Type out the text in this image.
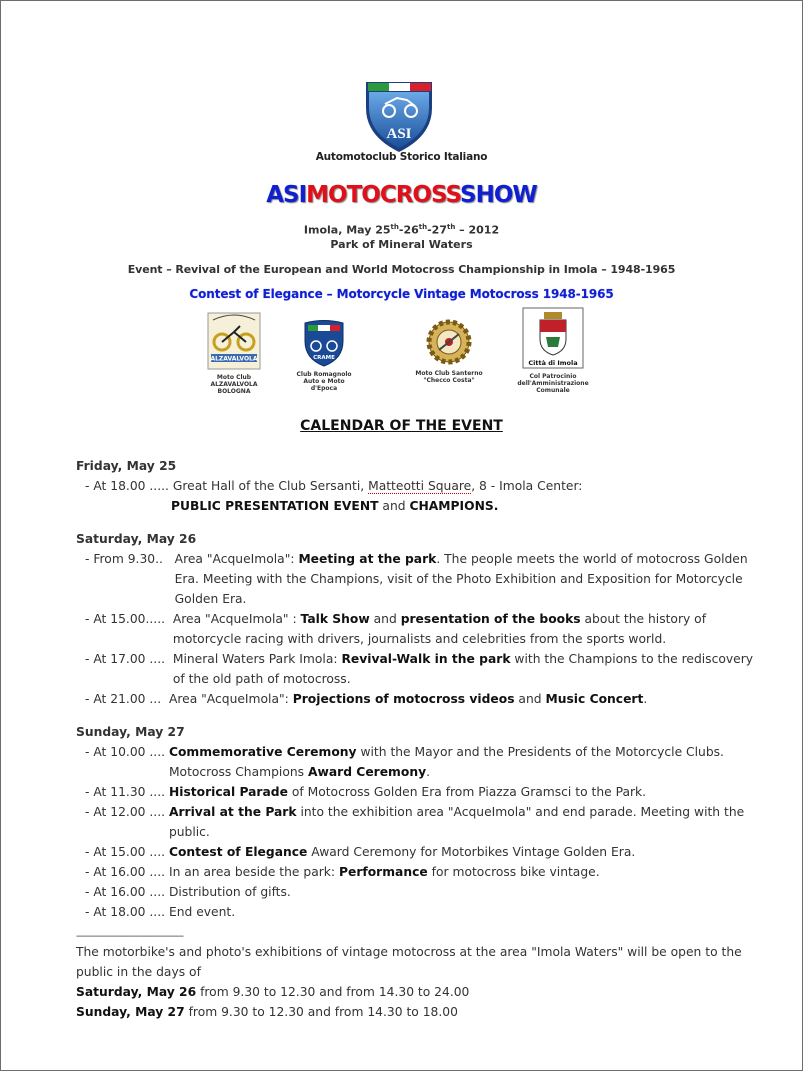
ASI
Automotoclub Storico Italiano
ASIMOTOCROSSSHOW
Imola, May 25th-26th-27th – 2012
Park of Mineral Waters
Event – Revival of the European and World Motocross Championship in Imola – 1948-1965
Contest of Elegance – Motorcycle Vintage Motocross 1948-1965
ALZAVALVOLA
Moto Club
ALZAVALVOLA
BOLOGNA
CRAME
Club Romagnolo
Auto e Moto
d'Epoca
Moto Club Santerno
"Checco Costa"
Città di Imola
Col Patrocinio
dell'Amministrazione
Comunale
CALENDAR OF THE EVENT
Friday, May 25
- At 18.00 ..... Great Hall of the Club Sersanti, Matteotti Square, 8 - Imola Center:
PUBLIC PRESENTATION EVENT and CHAMPIONS.
Saturday, May 26
- From 9.30.. Area "AcqueImola": Meeting at the park. The people meets the world of motocross Golden Era. Meeting with the Champions, visit of the Photo Exhibition and Exposition for Motorcycle Golden Era.
- At 15.00..... Area "AcqueImola" : Talk Show and presentation of the books about the history of motorcycle racing with drivers, journalists and celebrities from the sports world.
- At 17.00 .... Mineral Waters Park Imola: Revival-Walk in the park with the Champions to the rediscovery of the old path of motocross.
- At 21.00 ... Area "AcqueImola": Projections of motocross videos and Music Concert.
Sunday, May 27
- At 10.00 .... Commemorative Ceremony with the Mayor and the Presidents of the Motorcycle Clubs. Motocross Champions Award Ceremony.
- At 11.30 .... Historical Parade of Motocross Golden Era from Piazza Gramsci to the Park.
- At 12.00 .... Arrival at the Park into the exhibition area "AcqueImola" and end parade. Meeting with the public.
- At 15.00 .... Contest of Elegance Award Ceremony for Motorbikes Vintage Golden Era.
- At 16.00 .... In an area beside the park: Performance for motocross bike vintage.
- At 16.00 .... Distribution of gifts.
- At 18.00 .... End event.
-----------------------------------------
The motorbike's and photo's exhibitions of vintage motocross at the area "Imola Waters" will be open to the public in the days of
Saturday, May 26 from 9.30 to 12.30 and from 14.30 to 24.00
Sunday, May 27 from 9.30 to 12.30 and from 14.30 to 18.00
